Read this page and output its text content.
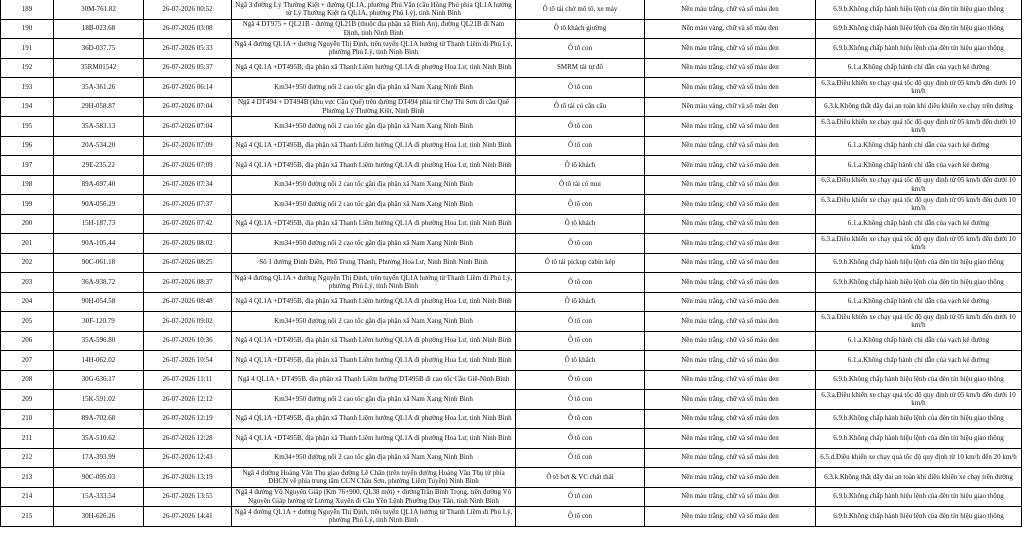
189	30M-761.82	26-07-2026 00:52	Ngã 3 đường Lý Thường Kiệt + đường QL1A, phường Phủ Vân (cầu Hồng Phú phía QL1A hướng từ Lý Thường Kiệt ra QL1A, phường Phủ Lý), tỉnh Ninh Bình	Ô tô tải chở mô tô, xe máy	Nền màu trắng, chữ và số màu đen	6.9.b.Không chấp hành hiệu lệnh của đèn tín hiệu giao thông
190	18B-023.68	26-07-2026 03:08	Ngã 4 DT975 + QL21B - đường QL21B (thuộc địa phận xã Bình An), đường QL21B đi Nam Định, tỉnh Ninh Bình	Ô tô khách giường	Nền màu vàng, chữ và số màu đen	6.9.b.Không chấp hành hiệu lệnh của đèn tín hiệu giao thông
191	36D-037.75	26-07-2026 05:33	Ngã 4 đường QL1A + đường Nguyễn Thị Định, trên tuyến QL1A hướng từ Thanh Liêm đi Phủ Lý, phường Phủ Lý, tỉnh Ninh Bình	Ô tô con	Nền màu trắng, chữ và số màu đen	6.9.b.Không chấp hành hiệu lệnh của đèn tín hiệu giao thông
192	35RM01542	26-07-2026 05:37	Ngã 4 QL1A +DT495B, địa phận xã Thanh Liêm hướng QL1A đi phường Hoa Lư, tỉnh Ninh Bình	SMRM tải tự đổ	Nền màu trắng, chữ và số màu đen	6.1.a.Không chấp hành chỉ dẫn của vạch kẻ đường
193	35A-361.26	26-07-2026 06:14	Km34+950 đường nối 2 cao tốc gần địa phận xã Nam Xang Ninh Bình	Ô tô con	Nền màu trắng, chữ và số màu đen	6.3.a.Điều khiển xe chạy quá tốc độ quy định từ 05 km/h đến dưới 10 km/h
194	29H-058.87	26-07-2026 07:04	Ngã 4 DT494 + DT494B (khu vực Cầu Quế) trên đường DT494 phía từ Chợ Thi Sơn đi cầu Quế Phường Lý Thường Kiệt, Ninh Bình	Ô tô tải có cần cẩu	Nền màu vàng, chữ và số màu đen	6.3.k.Không thắt dây đai an toàn khi điều khiển xe chạy trên đường
195	35A-583.13	26-07-2026 07:04	Km34+950 đường nối 2 cao tốc gần địa phận xã Nam Xang Ninh Bình	Ô tô con	Nền màu trắng, chữ và số màu đen	6.3.a.Điều khiển xe chạy quá tốc độ quy định từ 05 km/h đến dưới 10 km/h
196	20A-534.20	26-07-2026 07:09	Ngã 4 QL1A +DT495B, địa phận xã Thanh Liêm hướng QL1A đi phường Hoa Lư, tỉnh Ninh Bình	Ô tô con	Nền màu trắng, chữ và số màu đen	6.1.a.Không chấp hành chỉ dẫn của vạch kẻ đường
197	29E-235.22	26-07-2026 07:09	Ngã 4 QL1A +DT495B, địa phận xã Thanh Liêm hướng QL1A đi phường Hoa Lư, tỉnh Ninh Bình	Ô tô khách	Nền màu trắng, chữ và số màu đen	6.1.a.Không chấp hành chỉ dẫn của vạch kẻ đường
198	89A-697.40	26-07-2026 07:34	Km34+950 đường nối 2 cao tốc gần địa phận xã Nam Xang Ninh Bình	Ô tô tải có mui	Nền màu trắng, chữ và số màu đen	6.3.a.Điều khiển xe chạy quá tốc độ quy định từ 05 km/h đến dưới 10 km/h
199	90A-056.29	26-07-2026 07:37	Km34+950 đường nối 2 cao tốc gần địa phận xã Nam Xang Ninh Bình	Ô tô con	Nền màu trắng, chữ và số màu đen	6.3.a.Điều khiển xe chạy quá tốc độ quy định từ 05 km/h đến dưới 10 km/h
200	15H-187.73	26-07-2026 07:42	Ngã 4 QL1A +DT495B, địa phận xã Thanh Liêm hướng QL1A đi phường Hoa Lư, tỉnh Ninh Bình	Ô tô khách	Nền màu trắng, chữ và số màu đen	6.1.a.Không chấp hành chỉ dẫn của vạch kẻ đường
201	90A-105.44	26-07-2026 08:02	Km34+950 đường nối 2 cao tốc gần địa phận xã Nam Xang Ninh Bình	Ô tô con	Nền màu trắng, chữ và số màu đen	6.3.a.Điều khiển xe chạy quá tốc độ quy định từ 05 km/h đến dưới 10 km/h
202	90C-061.18	26-07-2026 08:25	Số 1 đường Đinh Điền, Phố Trung Thành, Phường Hoa Lư, Ninh Bình Ninh Bình	Ô tô tải pickup cabin kép	Nền màu trắng, chữ và số màu đen	6.9.b.Không chấp hành hiệu lệnh của đèn tín hiệu giao thông
203	36A-938.72	26-07-2026 08:37	Ngã 4 đường QL1A + đường Nguyễn Thị Định, trên tuyến QL1A hướng từ Thanh Liêm đi Phủ Lý, phường Phủ Lý, tỉnh Ninh Bình	Ô tô con	Nền màu trắng, chữ và số màu đen	6.9.b.Không chấp hành hiệu lệnh của đèn tín hiệu giao thông
204	90H-054.58	26-07-2026 08:48	Ngã 4 QL1A +DT495B, địa phận xã Thanh Liêm hướng QL1A đi phường Hoa Lư, tỉnh Ninh Bình	Ô tô khách	Nền màu trắng, chữ và số màu đen	6.1.a.Không chấp hành chỉ dẫn của vạch kẻ đường
205	30F-120.79	26-07-2026 09:02	Km34+950 đường nối 2 cao tốc gần địa phận xã Nam Xang Ninh Bình	Ô tô con	Nền màu trắng, chữ và số màu đen	6.3.a.Điều khiển xe chạy quá tốc độ quy định từ 05 km/h đến dưới 10 km/h
206	35A-596.80	26-07-2026 10:36	Ngã 4 QL1A +DT495B, địa phận xã Thanh Liêm hướng QL1A đi phường Hoa Lư, tỉnh Ninh Bình	Ô tô con	Nền màu trắng, chữ và số màu đen	6.1.a.Không chấp hành chỉ dẫn của vạch kẻ đường
207	14H-062.02	26-07-2026 10:54	Ngã 4 QL1A +DT495B, địa phận xã Thanh Liêm hướng QL1A đi phường Hoa Lư, tỉnh Ninh Bình	Ô tô khách	Nền màu trắng, chữ và số màu đen	6.1.a.Không chấp hành chỉ dẫn của vạch kẻ đường
208	30G-636.17	26-07-2026 11:11	Ngã 4 QL1A + DT495B, địa phận xã Thanh Liêm hướng DT495B đi cao tốc Cầu Giẽ-Ninh Bình	Ô tô con	Nền màu trắng, chữ và số màu đen	6.9.b.Không chấp hành hiệu lệnh của đèn tín hiệu giao thông
209	15K-591.02	26-07-2026 12:12	Km34+950 đường nối 2 cao tốc gần địa phận xã Nam Xang Ninh Bình	Ô tô con	Nền màu trắng, chữ và số màu đen	6.3.a.Điều khiển xe chạy quá tốc độ quy định từ 05 km/h đến dưới 10 km/h
210	89A-702.68	26-07-2026 12:19	Ngã 4 QL1A +DT495B, địa phận xã Thanh Liêm hướng QL1A đi phường Hoa Lư, tỉnh Ninh Bình	Ô tô con	Nền màu trắng, chữ và số màu đen	6.9.b.Không chấp hành hiệu lệnh của đèn tín hiệu giao thông
211	35A-510.62	26-07-2026 12:28	Ngã 4 QL1A +DT495B, địa phận xã Thanh Liêm hướng QL1A đi phường Hoa Lư, tỉnh Ninh Bình	Ô tô con	Nền màu trắng, chữ và số màu đen	6.9.b.Không chấp hành hiệu lệnh của đèn tín hiệu giao thông
212	17A-393.99	26-07-2026 12:43	Km34+950 đường nối 2 cao tốc gần địa phận xã Nam Xang Ninh Bình	Ô tô con	Nền màu trắng, chữ và số màu đen	6.5.d.Điều khiển xe chạy quá tốc độ quy định từ 10 km/h đến 20 km/h
213	90C-095.03	26-07-2026 13:19	Ngã 4 đường Hoàng Văn Thụ giao đường Lê Chân (trên tuyến đường Hoàng Văn Thụ từ phía ĐHCN về phía trung tâm CCN Châu Sơn, phường Liêm Tuyền) Ninh Bình	Ô tô bơt & VC chất thải	Nền màu trắng, chữ và số màu đen	6.3.k.Không thắt dây đai an toàn khi điều khiển xe chạy trên đường
214	15A-333.54	26-07-2026 13:55	Ngã 4 đường Võ Nguyên Giáp (Km 76+900, QL38 mới) + đườngTrần Bình Trọng, trên đường Võ Nguyên Giáp hướng từ Lương Xuyên đi Cầu Yên Lệnh Phường Duy Tân, tỉnh Ninh Bình	Ô tô con	Nền màu trắng, chữ và số màu đen	6.9.b.Không chấp hành hiệu lệnh của đèn tín hiệu giao thông
215	30H-626.26	26-07-2026 14:41	Ngã 4 đường QL1A + đường Nguyễn Thị Định, trên tuyến QL1A hướng từ Thanh Liêm đi Phủ Lý, phường Phủ Lý, tỉnh Ninh Bình	Ô tô con	Nền màu trắng, chữ và số màu đen	6.9.b.Không chấp hành hiệu lệnh của đèn tín hiệu giao thông
